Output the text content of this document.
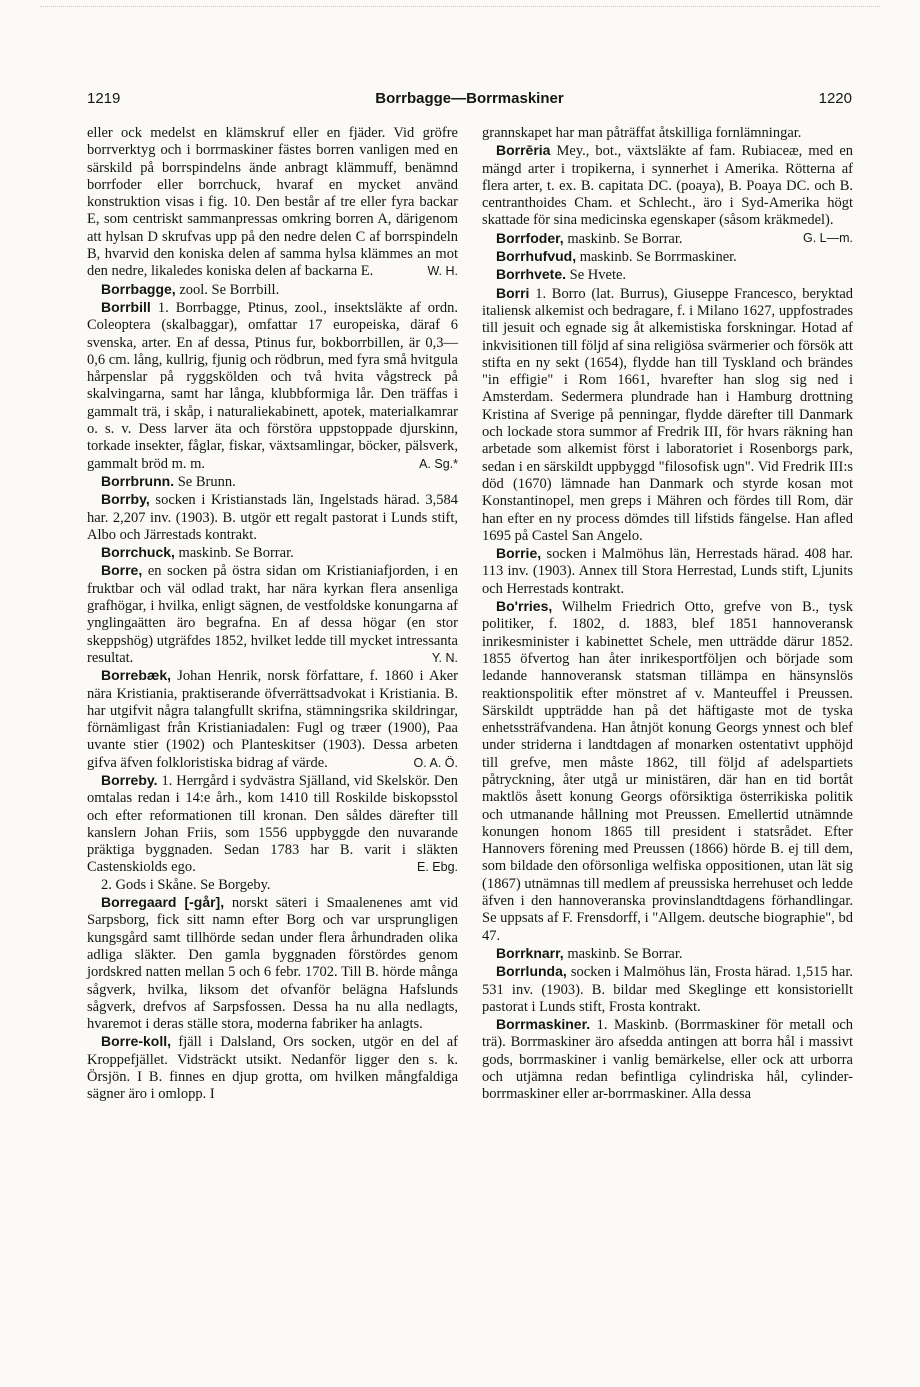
1219	Borrbagge—Borrmaskiner	1220

eller ock medelst en klämskruf eller en fjäder. Vid gröfre borrverktyg och i borrmaskiner fästes borren vanligen med en särskild på borrspindelns ände anbragt klämmuff, benämnd borrfoder eller borrchuck, hvaraf en mycket använd konstruktion visas i fig. 10. Den består af tre eller fyra backar E, som centriskt sammanpressas omkring borren A, därigenom att hylsan D skrufvas upp på den nedre delen C af borrspindeln B, hvarvid den koniska delen af samma hylsa klämmes an mot den nedre, likaledes koniska delen af backarna E.	W. H.

Borrbagge, zool. Se Borrbill.

Borrbill 1. Borrbagge, Ptinus, zool., insektsläkte af ordn. Coleoptera (skalbaggar), omfattar 17 europeiska, däraf 6 svenska, arter. En af dessa, Ptinus fur, bokborrbillen, är 0,3—0,6 cm. lång, kullrig, fjunig och rödbrun, med fyra små hvitgula hårpenslar på ryggskölden och två hvita vågstreck på skalvingarna, samt har långa, klubbformiga lår. Den träffas i gammalt trä, i skåp, i naturaliekabinett, apotek, materialkamrar o. s. v. Dess larver äta och förstöra uppstoppade djurskinn, torkade insekter, fåglar, fiskar, växtsamlingar, böcker, pälsverk, gammalt bröd m. m.	A. Sg.*

Borrbrunn. Se Brunn.

Borrby, socken i Kristianstads län, Ingelstads härad. 3,584 har. 2,207 inv. (1903). B. utgör ett regalt pastorat i Lunds stift, Albo och Järrestads kontrakt.

Borrchuck, maskinb. Se Borrar.

Borre, en socken på östra sidan om Kristianiafjorden, i en fruktbar och väl odlad trakt, har nära kyrkan flera ansenliga grafhögar, i hvilka, enligt sägnen, de vestfoldske konungarna af ynglingaätten äro begrafna. En af dessa högar (en stor skeppshög) utgräfdes 1852, hvilket ledde till mycket intressanta resultat.	Y. N.

Borrebæk, Johan Henrik, norsk författare, f. 1860 i Aker nära Kristiania, praktiserande öfverrättsadvokat i Kristiania. B. har utgifvit några talangfullt skrifna, stämningsrika skildringar, förnämligast från Kristianiadalen: Fugl og træer (1900), Paa uvante stier (1902) och Planteskitser (1903). Dessa arbeten gifva äfven folkloristiska bidrag af värde.	O. A. Ö.

Borreby. 1. Herrgård i sydvästra Själland, vid Skelskör. Den omtalas redan i 14:e årh., kom 1410 till Roskilde biskopsstol och efter reformationen till kronan. Den såldes därefter till kanslern Johan Friis, som 1556 uppbyggde den nuvarande präktiga byggnaden. Sedan 1783 har B. varit i släkten Castenskiolds ego.	E. Ebg.

2. Gods i Skåne. Se Borgeby.

Borregaard [-går], norskt säteri i Smaalenenes amt vid Sarpsborg, fick sitt namn efter Borg och var ursprungligen kungsgård samt tillhörde sedan under flera århundraden olika adliga släkter. Den gamla byggnaden förstördes genom jordskred natten mellan 5 och 6 febr. 1702. Till B. hörde många sågverk, hvilka, liksom det ofvanför belägna Hafslunds sågverk, drefvos af Sarpsfossen. Dessa ha nu alla nedlagts, hvaremot i deras ställe stora, moderna fabriker ha anlagts.

Borre-koll, fjäll i Dalsland, Ors socken, utgör en del af Kroppefjället. Vidsträckt utsikt. Nedanför ligger den s. k. Örsjön. I B. finnes en djup grotta, om hvilken mångfaldiga sägner äro i omlopp. I

grannskapet har man påträffat åtskilliga fornlämningar.

Borrēria Mey., bot., växtsläkte af fam. Rubiaceæ, med en mängd arter i tropikerna, i synnerhet i Amerika. Rötterna af flera arter, t. ex. B. capitata DC. (poaya), B. Poaya DC. och B. centranthoides Cham. et Schlecht., äro i Syd-Amerika högt skattade för sina medicinska egenskaper (såsom kräkmedel).
G. L—m.

Borrfoder, maskinb. Se Borrar.

Borrhufvud, maskinb. Se Borrmaskiner.

Borrhvete. Se Hvete.

Borri 1. Borro (lat. Burrus), Giuseppe Francesco, beryktad italiensk alkemist och bedragare, f. i Milano 1627, uppfostrades till jesuit och egnade sig åt alkemistiska forskningar. Hotad af inkvisitionen till följd af sina religiösa svärmerier och försök att stifta en ny sekt (1654), flydde han till Tyskland och brändes "in effigie" i Rom 1661, hvarefter han slog sig ned i Amsterdam. Sedermera plundrade han i Hamburg drottning Kristina af Sverige på penningar, flydde därefter till Danmark och lockade stora summor af Fredrik III, för hvars räkning han arbetade som alkemist först i laboratoriet i Rosenborgs park, sedan i en särskildt uppbyggd "filosofisk ugn". Vid Fredrik III:s död (1670) lämnade han Danmark och styrde kosan mot Konstantinopel, men greps i Mähren och fördes till Rom, där han efter en ny process dömdes till lifstids fängelse. Han afled 1695 på Castel San Angelo.

Borrie, socken i Malmöhus län, Herrestads härad. 408 har. 113 inv. (1903). Annex till Stora Herrestad, Lunds stift, Ljunits och Herrestads kontrakt.

Bo'rries, Wilhelm Friedrich Otto, grefve von B., tysk politiker, f. 1802, d. 1883, blef 1851 hannoveransk inrikesminister i kabinettet Schele, men utträdde därur 1852. 1855 öfvertog han åter inrikesportföljen och började som ledande hannoveransk statsman tillämpa en hänsynslös reaktionspolitik efter mönstret af v. Manteuffel i Preussen. Särskildt uppträdde han på det häftigaste mot de tyska enhetssträfvandena. Han åtnjöt konung Georgs ynnest och blef under striderna i landtdagen af monarken ostentativt upphöjd till grefve, men måste 1862, till följd af adelspartiets påtryckning, åter utgå ur ministären, där han en tid bortåt maktlös åsett konung Georgs oförsiktiga österrikiska politik och utmanande hållning mot Preussen. Emellertid utnämnde konungen honom 1865 till president i statsrådet. Efter Hannovers förening med Preussen (1866) hörde B. ej till dem, som bildade den oförsonliga welfiska oppositionen, utan lät sig (1867) utnämnas till medlem af preussiska herrehuset och ledde äfven i den hannoveranska provinslandtdagens förhandlingar. Se uppsats af F. Frensdorff, i "Allgem. deutsche biographie", bd 47.

Borrknarr, maskinb. Se Borrar.

Borrlunda, socken i Malmöhus län, Frosta härad. 1,515 har. 531 inv. (1903). B. bildar med Skeglinge ett konsistoriellt pastorat i Lunds stift, Frosta kontrakt.

Borrmaskiner. 1. Maskinb. (Borrmaskiner för metall och trä). Borrmaskiner äro afsedda antingen att borra hål i massivt gods, borrmaskiner i vanlig bemärkelse, eller ock att urborra och utjämna redan befintliga cylindriska hål, cylinder-borrmaskiner eller ar-borrmaskiner. Alla dessa
